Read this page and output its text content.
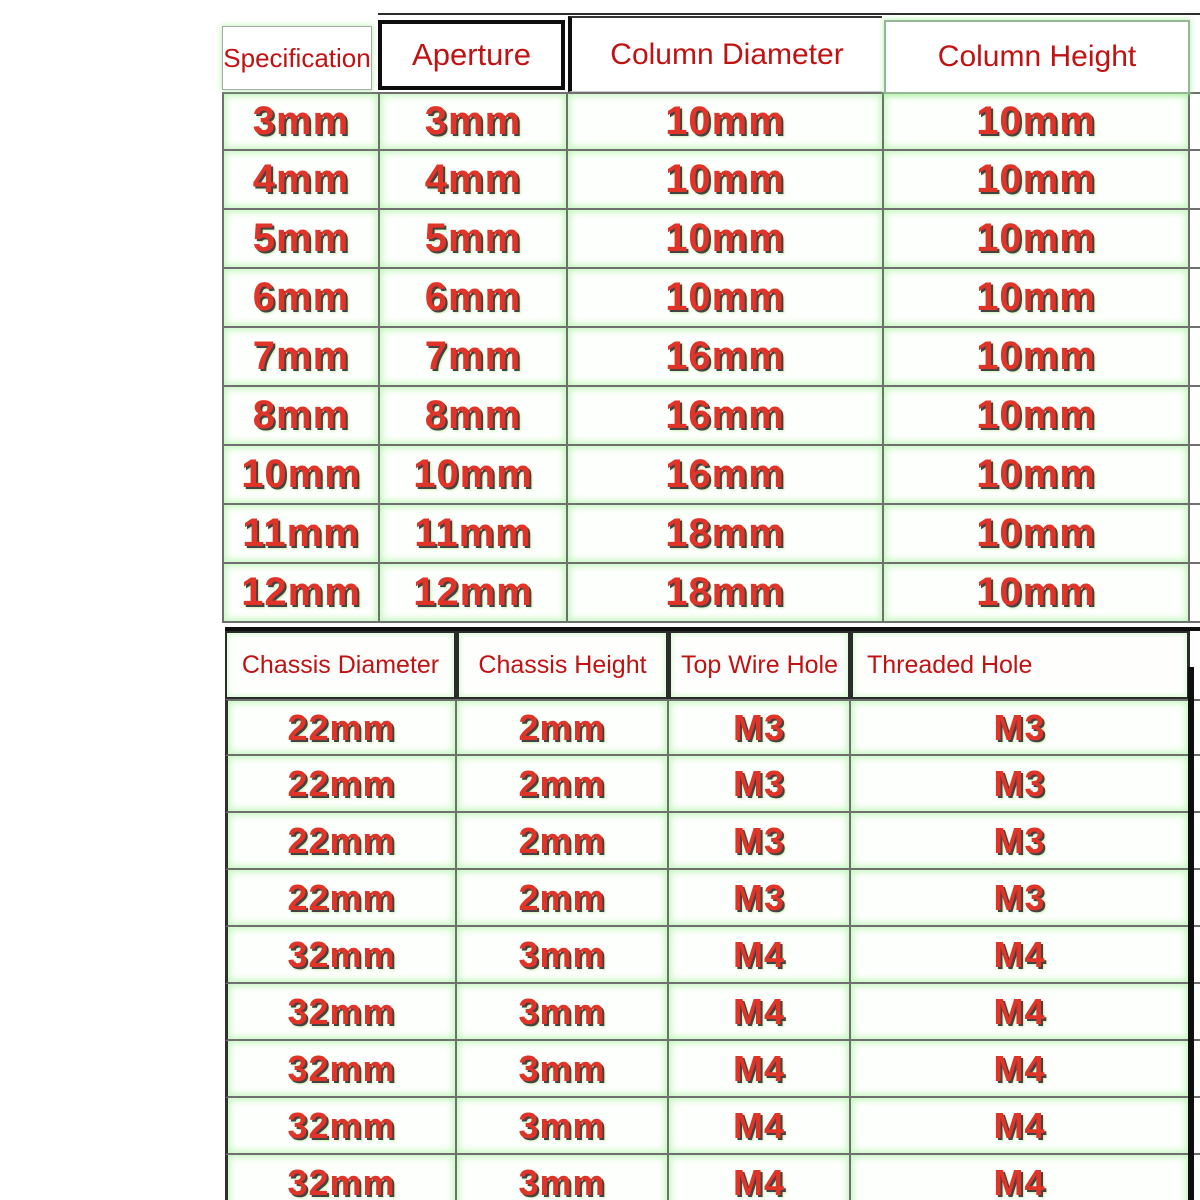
Specification	Aperture	Column Diameter	Column Height
3mm	3mm	10mm	10mm
4mm	4mm	10mm	10mm
5mm	5mm	10mm	10mm
6mm	6mm	10mm	10mm
7mm	7mm	16mm	10mm
8mm	8mm	16mm	10mm
10mm	10mm	16mm	10mm
11mm	11mm	18mm	10mm
12mm	12mm	18mm	10mm
Chassis Diameter	Chassis Height	Top Wire Hole	Threaded Hole
22mm	2mm	M3	M3
22mm	2mm	M3	M3
22mm	2mm	M3	M3
22mm	2mm	M3	M3
32mm	3mm	M4	M4
32mm	3mm	M4	M4
32mm	3mm	M4	M4
32mm	3mm	M4	M4
32mm	3mm	M4	M4
